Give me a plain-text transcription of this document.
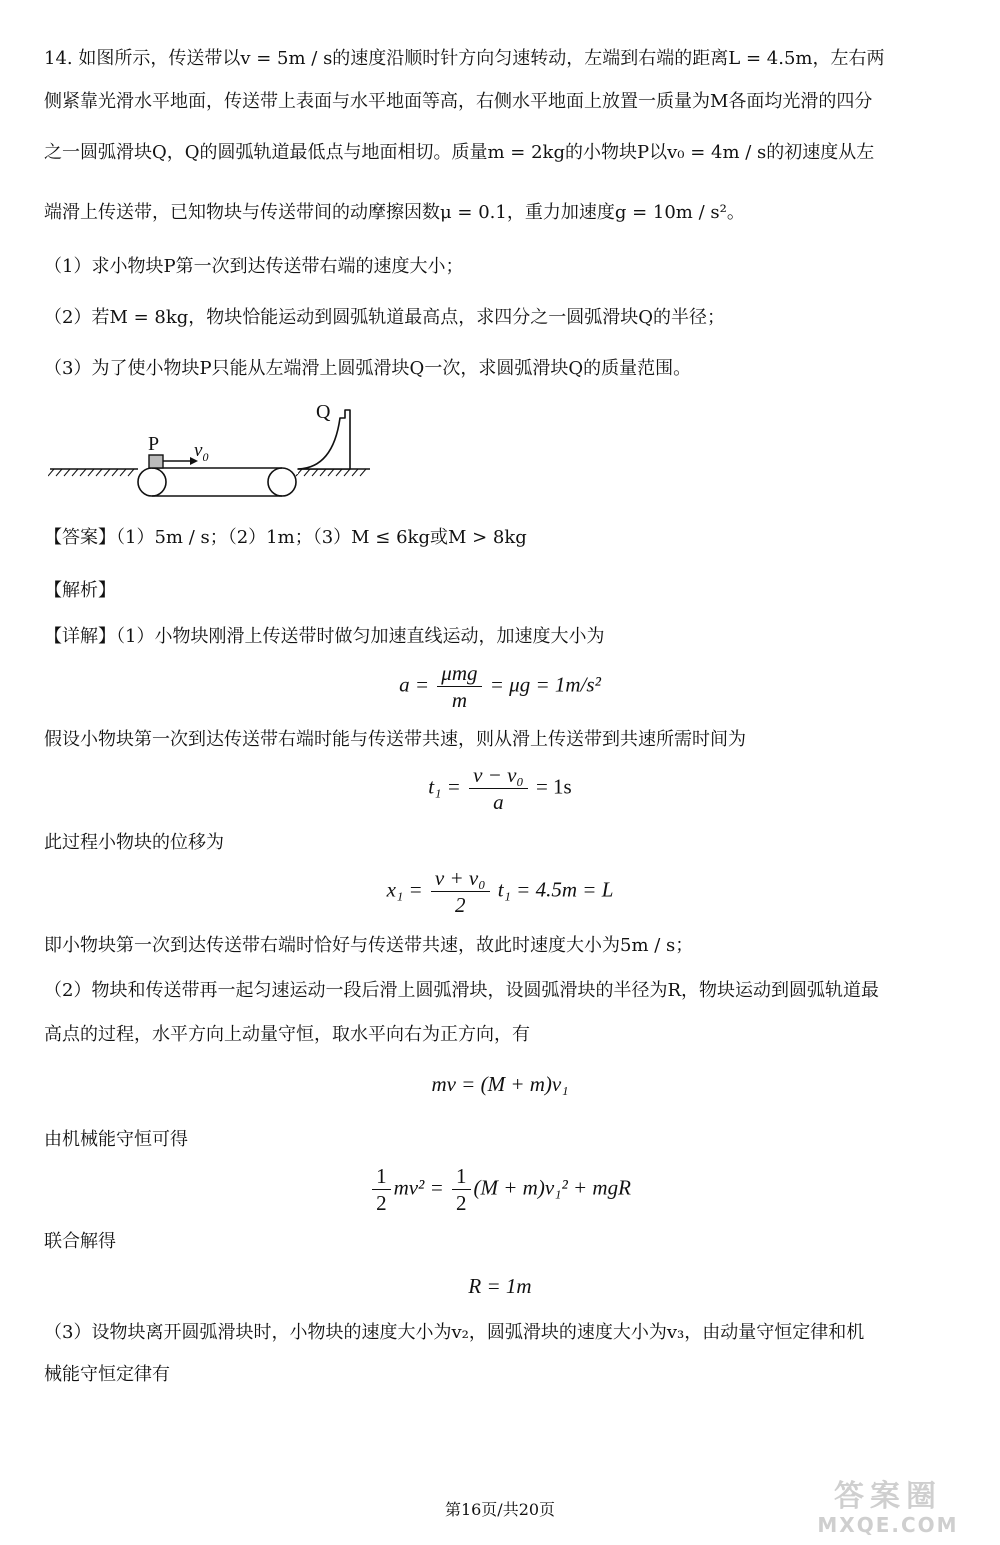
14. 如图所示，传送带以v = 5m / s的速度沿顺时针方向匀速转动，左端到右端的距离L = 4.5m，左右两
侧紧靠光滑水平地面，传送带上表面与水平地面等高，右侧水平地面上放置一质量为M各面均光滑的四分
之一圆弧滑块Q，Q的圆弧轨道最低点与地面相切。质量m = 2kg的小物块P以v₀ = 4m / s的初速度从左
端滑上传送带，已知物块与传送带间的动摩擦因数μ = 0.1，重力加速度g = 10m / s²。
（1）求小物块P第一次到达传送带右端的速度大小；
（2）若M = 8kg，物块恰能运动到圆弧轨道最高点，求四分之一圆弧滑块Q的半径；
（3）为了使小物块P只能从左端滑上圆弧滑块Q一次，求圆弧滑块Q的质量范围。
P $v_0$
Q
【答案】（1）5m / s；（2）1m；（3）M ≤ 6kg或M > 8kg
【解析】
【详解】（1）小物块刚滑上传送带时做匀加速直线运动，加速度大小为
$a = \frac{\text{μmg}}{m} = \mu g = 1m/s^2$
假设小物块第一次到达传送带右端时能与传送带共速，则从滑上传送带到共速所需时间为
$t_1 = \frac{\text{v − v₀}}{a} = 1s$
此过程小物块的位移为
$x_1 = \frac{\text{v + v₀}}{2} t_1 = 4.5m = L$
即小物块第一次到达传送带右端时恰好与传送带共速，故此时速度大小为5m / s；
（2）物块和传送带再一起匀速运动一段后滑上圆弧滑块，设圆弧滑块的半径为R，物块运动到圆弧轨道最
高点的过程，水平方向上动量守恒，取水平向右为正方向，有
mv = (M + m)v₁
由机械能守恒可得
$\frac{1}{2} mv^2 = \frac{1}{2} (M + m)v_1^2$ + mgR
联合解得
R = 1m
（3）设物块离开圆弧滑块时，小物块的速度大小为v₂，圆弧滑块的速度大小为v₃，由动量守恒定律和机
械能守恒定律有
第16页/共20页	答案圈
MXQE.COM
